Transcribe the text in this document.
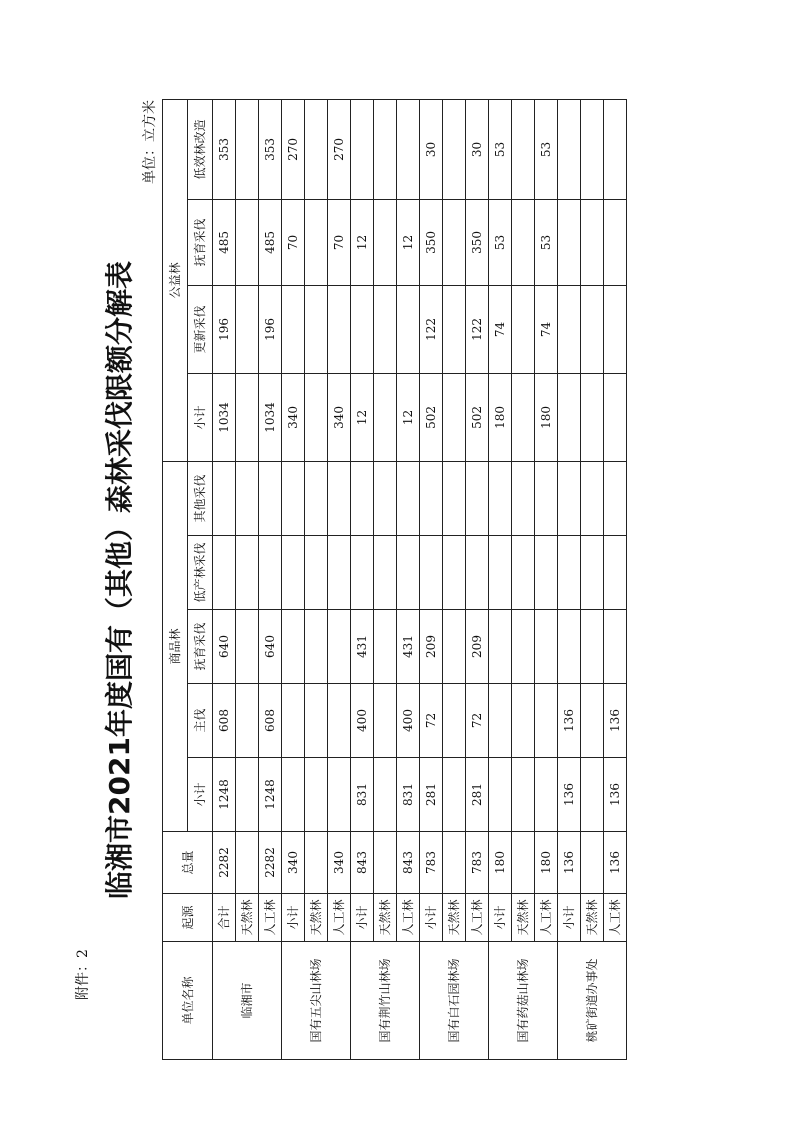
附件：2
临湘市2021年度国有（其他）森林采伐限额分解表
单位：立方米
单位名称	起源	总量	商品林					公益林			
			小计	主伐	抚育采伐	低产林采伐	其他采伐	小计	更新采伐	抚育采伐	低效林改造

临湘市	合计	2282	1248	608	640			1034	196	485	353
	天然林										
	人工林	2282	1248	608	640			1034	196	485	353
国有五尖山林场	小计	340						340		70	270
	天然林										
	人工林	340						340		70	270
国有荆竹山林场	小计	843	831	400	431			12		12	
	天然林										
	人工林	843	831	400	431			12		12	
国有白石园林场	小计	783	281	72	209			502	122	350	30
	天然林										
	人工林	783	281	72	209			502	122	350	30
国有药菇山林场	小计	180						180	74	53	53
	天然林										
	人工林	180						180	74	53	53
桃矿街道办事处	小计	136	136	136							
	天然林										
	人工林	136	136	136							
